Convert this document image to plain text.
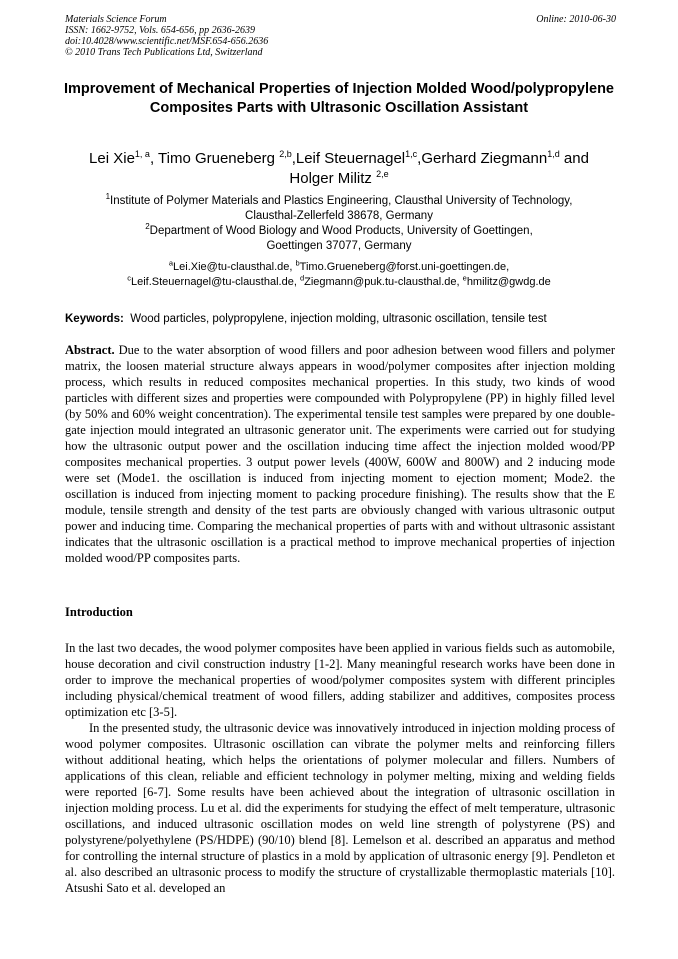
Materials Science Forum
ISSN: 1662-9752, Vols. 654-656, pp 2636-2639
doi:10.4028/www.scientific.net/MSF.654-656.2636
© 2010 Trans Tech Publications Ltd, Switzerland
Online: 2010-06-30
Improvement of Mechanical Properties of Injection Molded Wood/polypropylene Composites Parts with Ultrasonic Oscillation Assistant
Lei Xie$^{1, a}$, Timo Grueneberg $^{2,b}$,Leif Steuernagel$^{1,c}$,Gerhard Ziegmann$^{1,d}$ and
Holger Militz $^{2,e}$

$^1$Institute of Polymer Materials and Plastics Engineering, Clausthal University of Technology,

Clausthal-Zellerfeld 38678, Germany

$^2$Department of Wood Biology and Wood Products, University of Goettingen,

Goettingen 37077, Germany

$^a$Lei.Xie@tu-clausthal.de, $^b$Timo.Grueneberg@forst.uni-goettingen.de,

$^c$Leif.Steuernagel@tu-clausthal.de, $^d$Ziegmann@puk.tu-clausthal.de, $^e$hmilitz@gwdg.de

Keywords: Wood particles, polypropylene, injection molding, ultrasonic oscillation, tensile test

Abstract. Due to the water absorption of wood fillers and poor adhesion between wood fillers and polymer matrix, the loosen material structure always appears in wood/polymer composites after injection molding process, which results in reduced composites mechanical properties. In this study, two kinds of wood particles with different sizes and properties were compounded with Polypropylene (PP) in highly filled level (by 50% and 60% weight concentration). The experimental tensile test samples were prepared by one double-gate injection mould integrated an ultrasonic generator unit. The experiments were carried out for studying how the ultrasonic output power and the oscillation inducing time affect the injection molded wood/PP composites mechanical properties. 3 output power levels (400W, 600W and 800W) and 2 inducing mode were set (Mode1. the oscillation is induced from injecting moment to ejection moment; Mode2. the oscillation is induced from injecting moment to packing procedure finishing). The results show that the E module, tensile strength and density of the test parts are obviously changed with various ultrasonic output power and inducing time. Comparing the mechanical properties of parts with and without ultrasonic assistant indicates that the ultrasonic oscillation is a practical method to improve mechanical properties of injection molded wood/PP composites parts.

Introduction

In the last two decades, the wood polymer composites have been applied in various fields such as automobile, house decoration and civil construction industry [1-2]. Many meaningful research works have been done in order to improve the mechanical properties of wood/polymer composites system with different principles including physical/chemical treatment of wood fillers, adding stabilizer and additives, composites process optimization etc [3-5].

In the presented study, the ultrasonic device was innovatively introduced in injection molding process of wood polymer composites. Ultrasonic oscillation can vibrate the polymer melts and reinforcing fillers without additional heating, which helps the orientations of polymer molecular and fillers. Numbers of applications of this clean, reliable and efficient technology in polymer melting, mixing and welding fields were reported [6-7]. Some results have been achieved about the integration of ultrasonic oscillation in injection molding process. Lu et al. did the experiments for studying the effect of melt temperature, ultrasonic oscillations, and induced ultrasonic oscillation modes on weld line strength of polystyrene (PS) and polystyrene/polyethylene (PS/HDPE) (90/10) blend [8]. Lemelson et al. described an apparatus and method for controlling the internal structure of plastics in a mold by application of ultrasonic energy [9]. Pendleton et al. also described an ultrasonic process to modify the structure of crystallizable thermoplastic materials [10]. Atsushi Sato et al. developed an
